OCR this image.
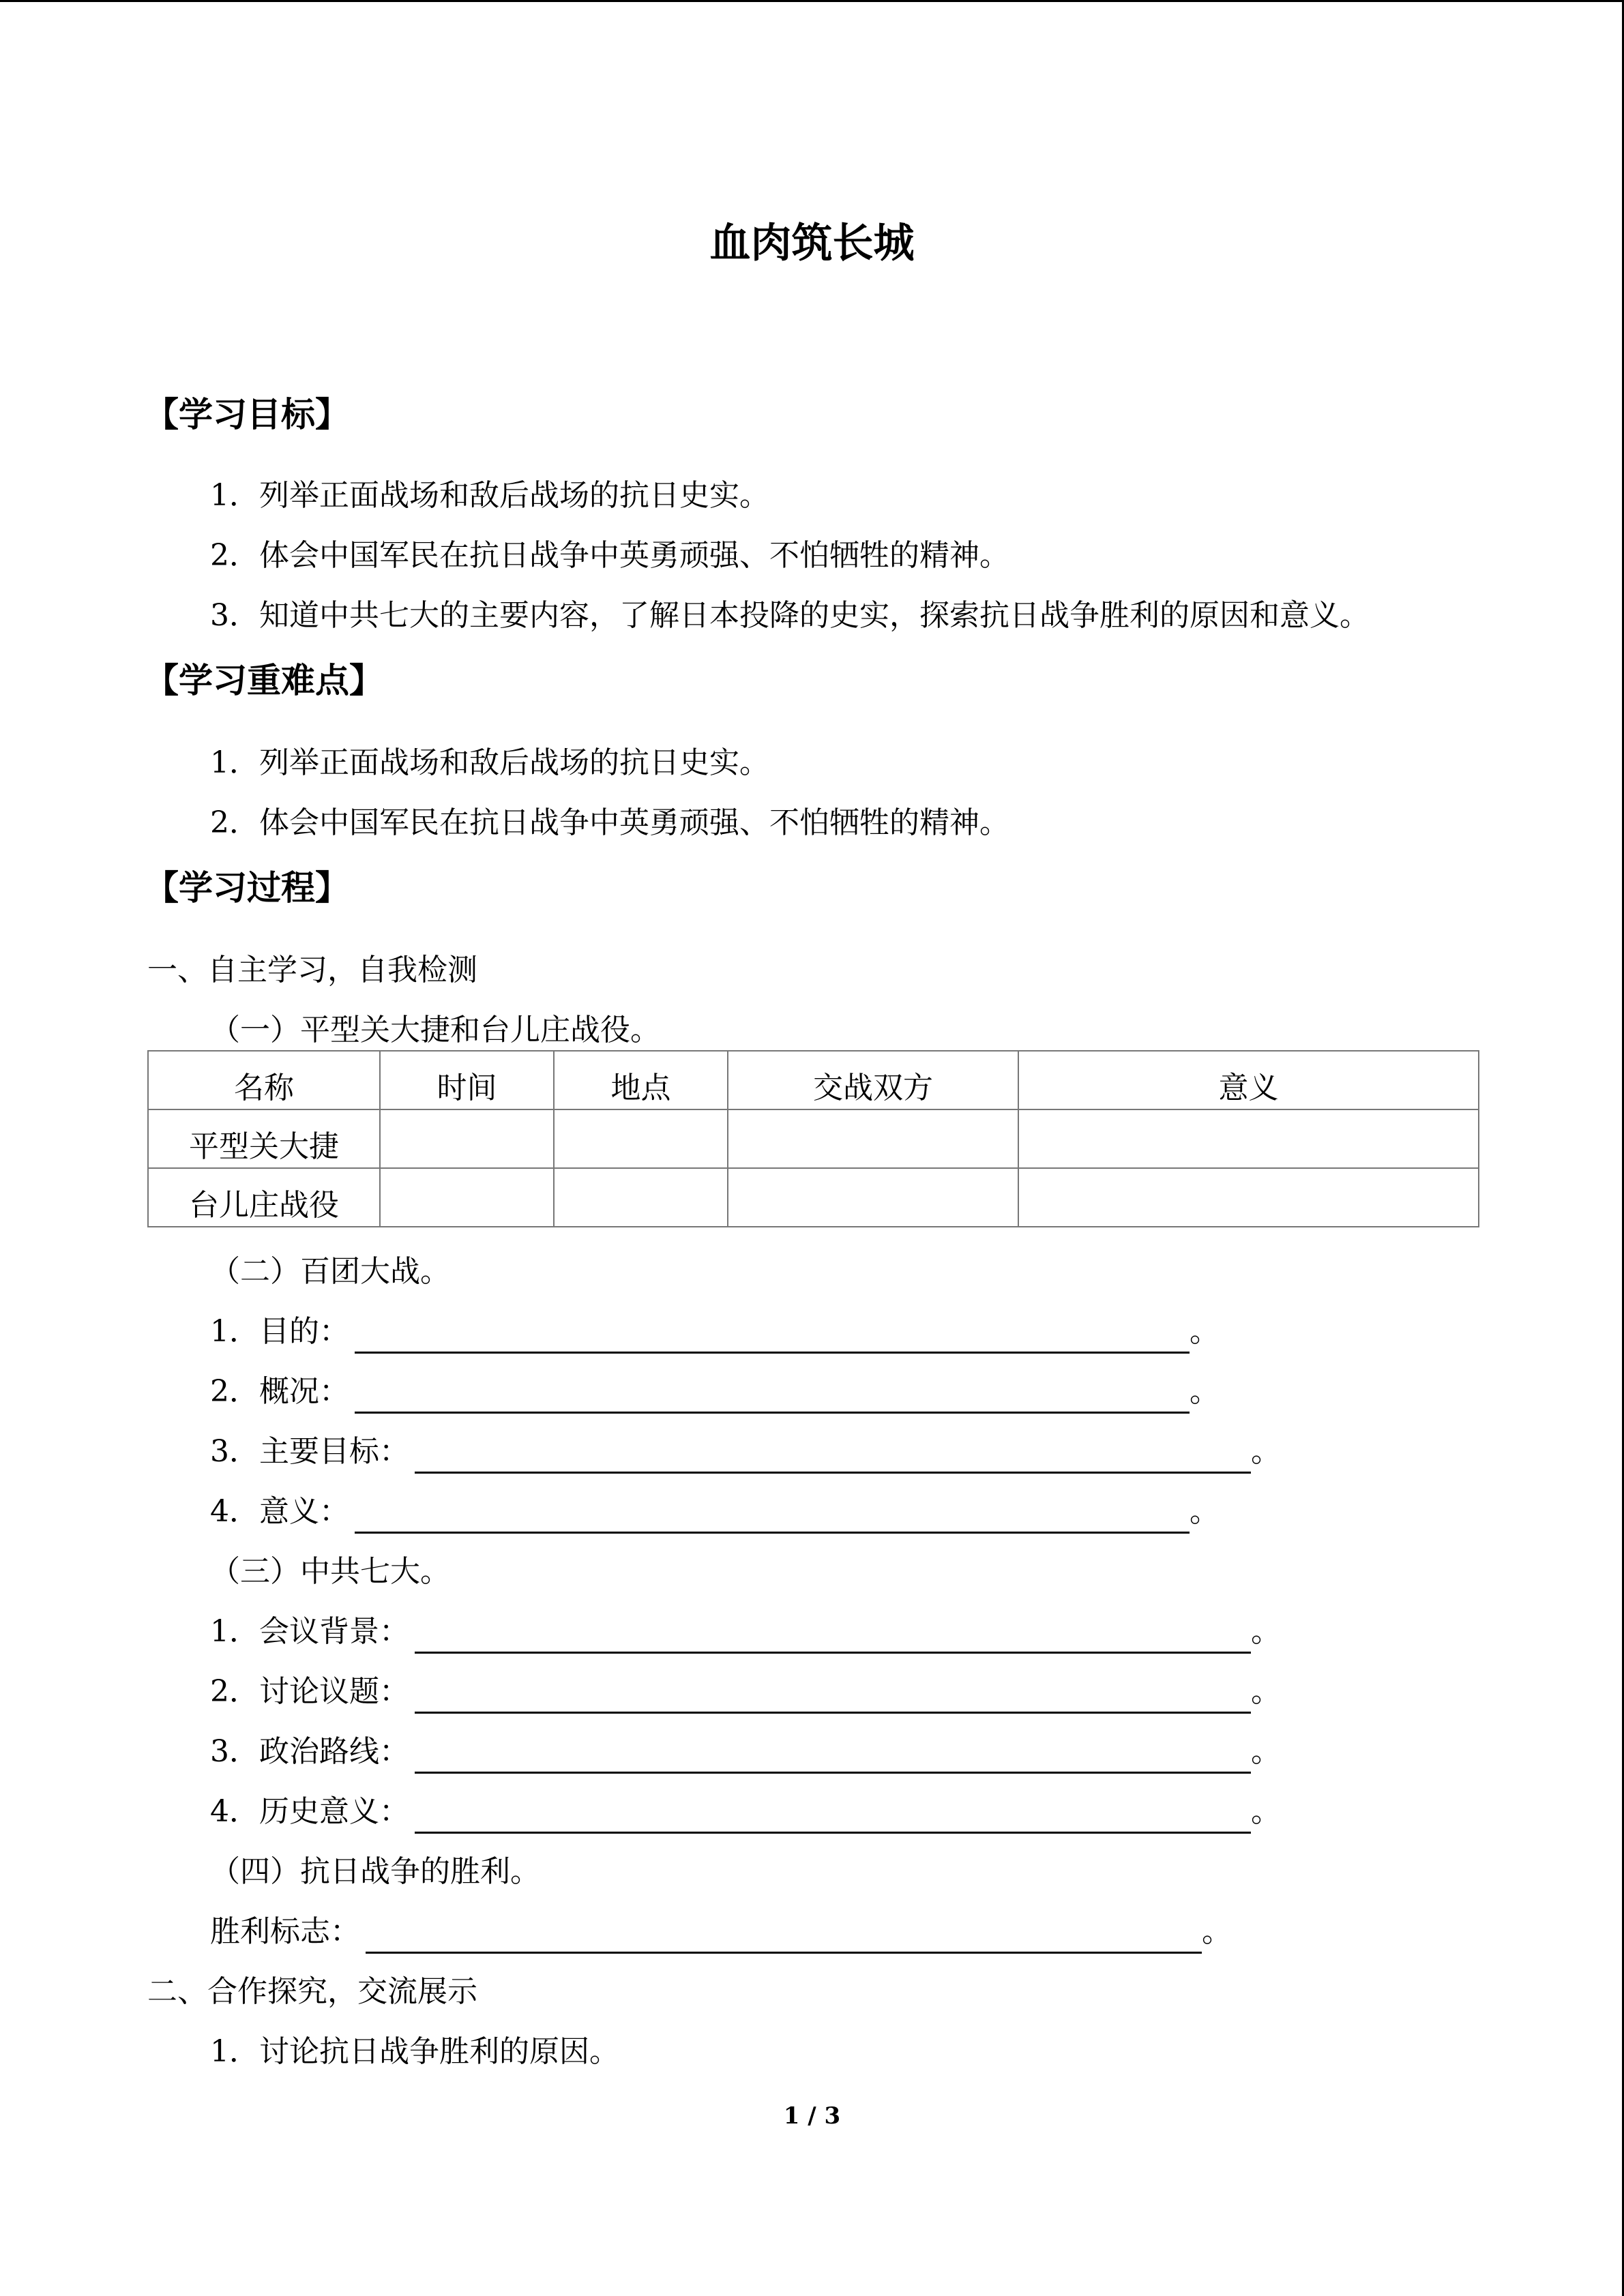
血肉筑长城
【学习目标】
1．列举正面战场和敌后战场的抗日史实。
2．体会中国军民在抗日战争中英勇顽强、不怕牺牲的精神。
3．知道中共七大的主要内容，了解日本投降的史实，探索抗日战争胜利的原因和意义。
【学习重难点】
1．列举正面战场和敌后战场的抗日史实。
2．体会中国军民在抗日战争中英勇顽强、不怕牺牲的精神。
【学习过程】
一、自主学习，自我检测
（一）平型关大捷和台儿庄战役。
名称	时间	地点	交战双方	意义
平型关大捷				
台儿庄战役				
（二）百团大战。
1．目的：	。
2．概况：	。
3．主要目标：	。
4．意义：	。
（三）中共七大。
1．会议背景：	。
2．讨论议题：	。
3．政治路线：	。
4．历史意义：	。
（四）抗日战争的胜利。
胜利标志：	。
二、合作探究，交流展示
1．讨论抗日战争胜利的原因。
1 / 3
